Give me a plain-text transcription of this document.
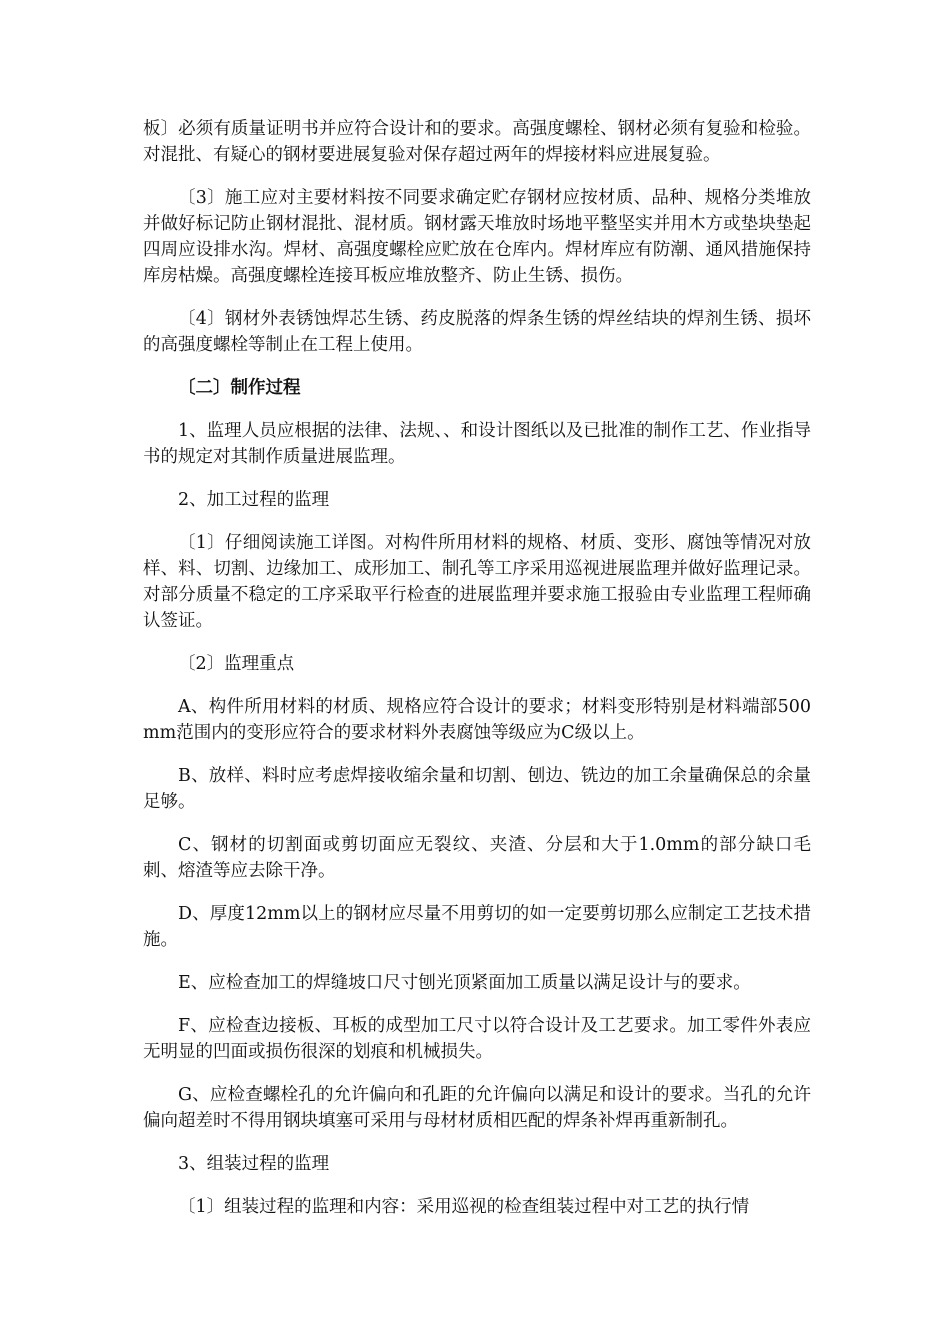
板〕必须有质量证明书并应符合设计和的要求。高强度螺栓、钢材必须有复验和检验。对混批、有疑心的钢材要进展复验对保存超过两年的焊接材料应进展复验。

〔3〕施工应对主要材料按不同要求确定贮存钢材应按材质、品种、规格分类堆放并做好标记防止钢材混批、混材质。钢材露天堆放时场地平整坚实并用木方或垫块垫起四周应设排水沟。焊材、高强度螺栓应贮放在仓库内。焊材库应有防潮、通风措施保持库房枯燥。高强度螺栓连接耳板应堆放整齐、防止生锈、损伤。

〔4〕钢材外表锈蚀焊芯生锈、药皮脱落的焊条生锈的焊丝结块的焊剂生锈、损坏的高强度螺栓等制止在工程上使用。

〔二〕制作过程

1、监理人员应根据的法律、法规、、和设计图纸以及已批准的制作工艺、作业指导书的规定对其制作质量进展监理。

2、加工过程的监理

〔1〕仔细阅读施工详图。对构件所用材料的规格、材质、变形、腐蚀等情况对放样、料、切割、边缘加工、成形加工、制孔等工序采用巡视进展监理并做好监理记录。对部分质量不稳定的工序采取平行检查的进展监理并要求施工报验由专业监理工程师确认签证。

〔2〕监理重点

A、构件所用材料的材质、规格应符合设计的要求；材料变形特别是材料端部500mm范围内的变形应符合的要求材料外表腐蚀等级应为C级以上。

B、放样、料时应考虑焊接收缩余量和切割、刨边、铣边的加工余量确保总的余量足够。

C、钢材的切割面或剪切面应无裂纹、夹渣、分层和大于1.0mm的部分缺口毛刺、熔渣等应去除干净。

D、厚度12mm以上的钢材应尽量不用剪切的如一定要剪切那么应制定工艺技术措施。

E、应检查加工的焊缝坡口尺寸刨光顶紧面加工质量以满足设计与的要求。

F、应检查边接板、耳板的成型加工尺寸以符合设计及工艺要求。加工零件外表应无明显的凹面或损伤很深的划痕和机械损失。

G、应检查螺栓孔的允许偏向和孔距的允许偏向以满足和设计的要求。当孔的允许偏向超差时不得用钢块填塞可采用与母材材质相匹配的焊条补焊再重新制孔。

3、组装过程的监理

〔1〕组装过程的监理和内容：采用巡视的检查组装过程中对工艺的执行情
